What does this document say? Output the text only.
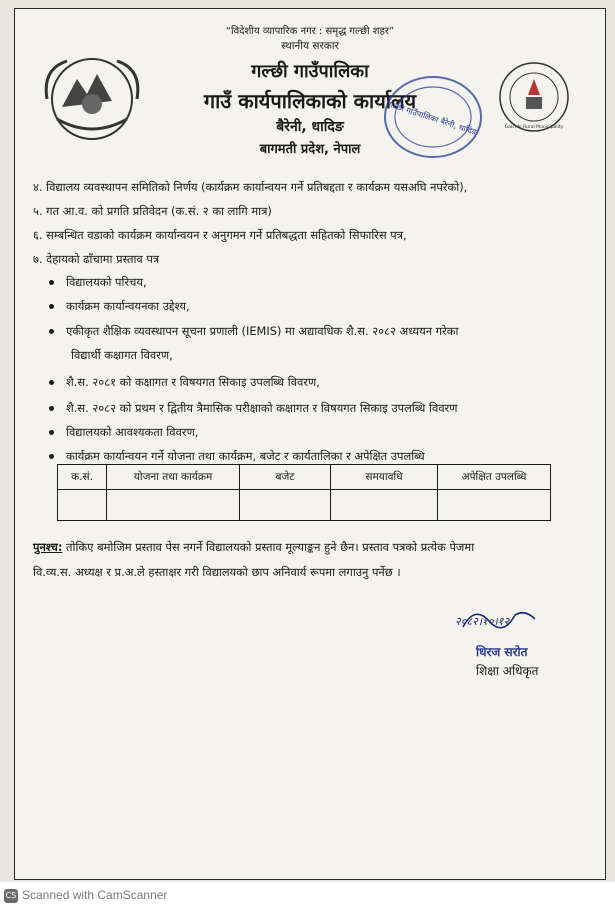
“विदेशीय व्यापारिक नगर : समृद्ध गल्छी शहर”
स्थानीय सरकार
गल्छी गाउँपालिका
गाउँ कार्यपालिकाको कार्यालय
बैरेनी, धादिङ
बागमती प्रदेश, नेपाल
गल्छी गाउँपालिका बैरेनी, धादिङ	Galchhi Rural Municipality
४. विद्यालय व्यवस्थापन समितिको निर्णय (कार्यक्रम कार्यान्वयन गर्ने प्रतिबद्दता र कार्यक्रम यसअघि नपरेको),
५. गत आ.व. को प्रगति प्रतिवेदन (क.सं. २ का लागि मात्र)
६. सम्बन्धित वडाको कार्यक्रम कार्यान्वयन र अनुगमन गर्ने प्रतिबद्धता सहितको सिफारिस पत्र,
७. देहायको ढाँचामा प्रस्ताव पत्र
विद्यालयको परिचय,
कार्यक्रम कार्यान्वयनका उद्देश्य,
एकीकृत शैक्षिक व्यवस्थापन सूचना प्रणाली (IEMIS) मा अद्यावधिक शै.स. २०८२ अध्ययन गरेका
विद्यार्थी कक्षागत विवरण,
शै.स. २०८१ को कक्षागत र विषयगत सिकाइ उपलब्धि विवरण,
शै.स. २०८२ को प्रथम र द्वितीय त्रैमासिक परीक्षाको कक्षागत र विषयगत सिकाइ उपलब्धि विवरण
विद्यालयको आवश्यकता विवरण,
कार्यक्रम कार्यान्वयन गर्ने योजना तथा कार्यक्रम, बजेट र कार्यतालिका र अपेक्षित उपलब्धि
क.सं.	योजना तथा कार्यक्रम	बजेट	समयावधि	अपेक्षित उपलब्धि

पुनश्च: तोकिए बमोजिम प्रस्ताव पेस नगर्ने विद्यालयको प्रस्ताव मूल्याङ्कन हुने छैन। प्रस्ताव पत्रको प्रत्येक पेजमा
वि.व्य.स. अध्यक्ष र प्र.अ.ले हस्ताक्षर गरी विद्यालयको छाप अनिवार्य रूपमा लगाउनु पर्नेछ ।
२०८२।१०।१२
धिरज सरोत
शिक्षा अधिकृत
CS Scanned with CamScanner
